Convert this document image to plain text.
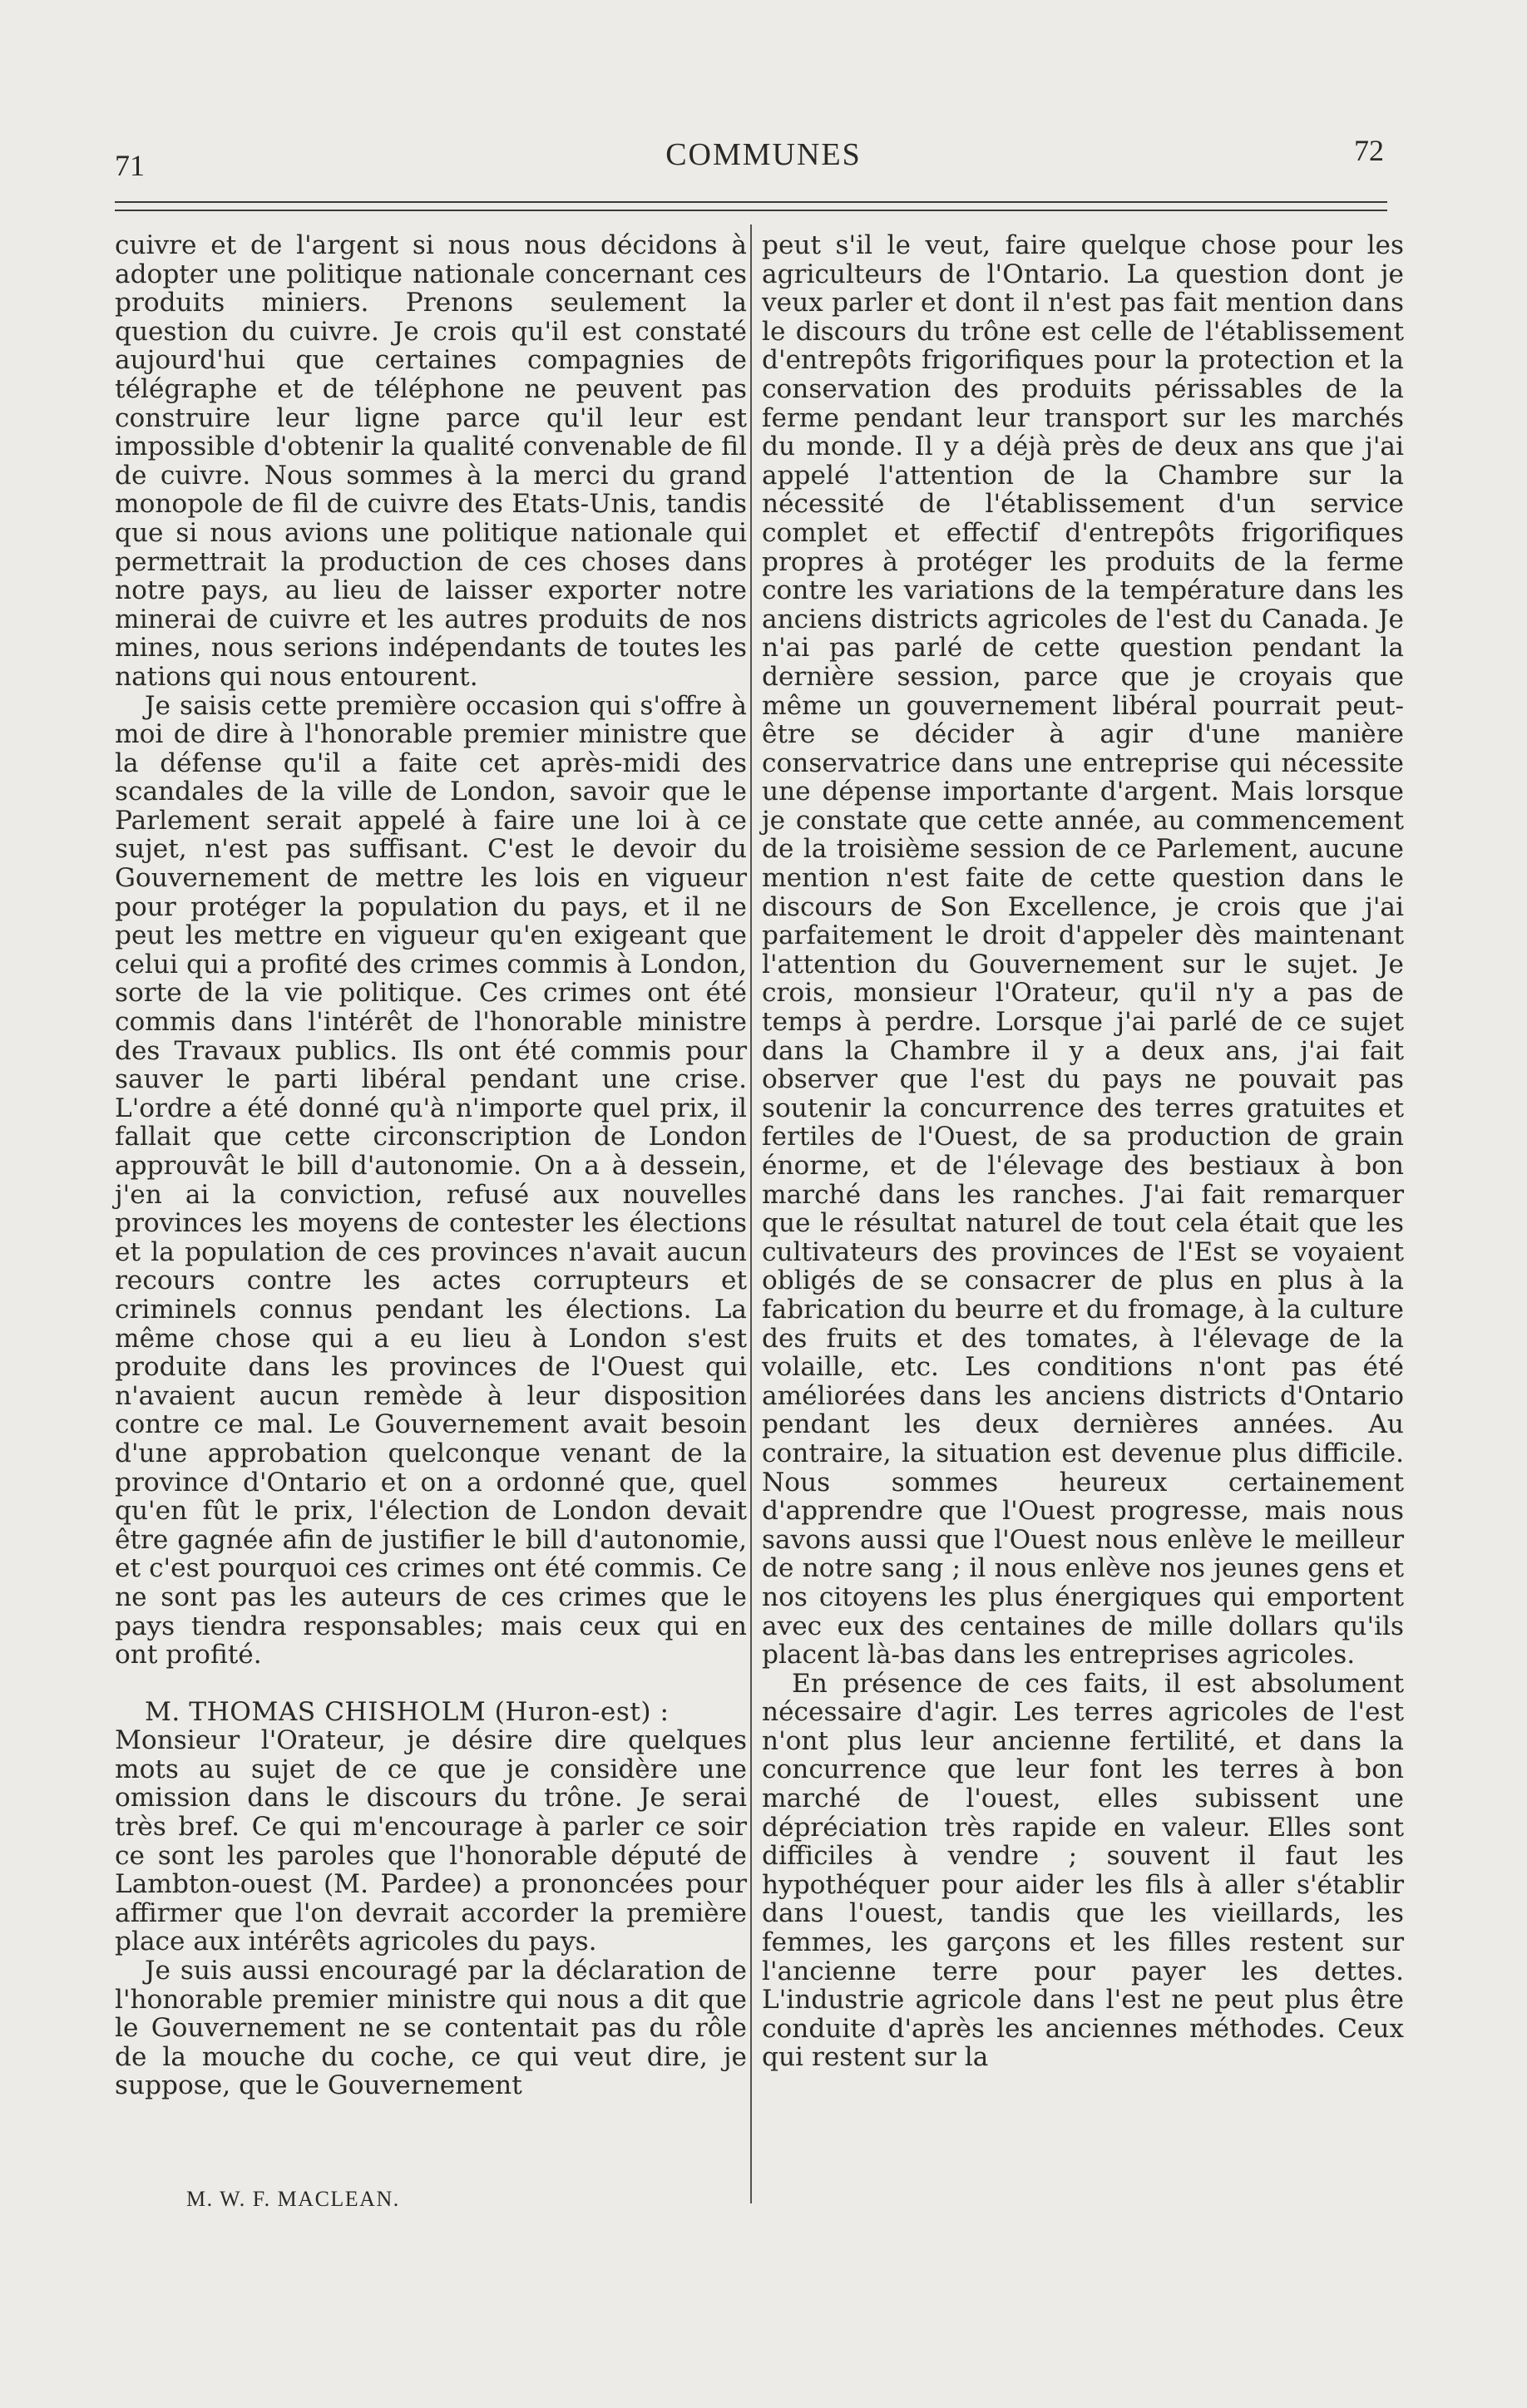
71	COMMUNES	72

cuivre et de l'argent si nous nous décidons à adopter une politique nationale concernant ces produits miniers. Prenons seulement la question du cuivre. Je crois qu'il est constaté aujourd'hui que certaines compagnies de télégraphe et de téléphone ne peuvent pas construire leur ligne parce qu'il leur est impossible d'obtenir la qualité convenable de fil de cuivre. Nous sommes à la merci du grand monopole de fil de cuivre des Etats-Unis, tandis que si nous avions une politique nationale qui permettrait la production de ces choses dans notre pays, au lieu de laisser exporter notre minerai de cuivre et les autres produits de nos mines, nous serions indépendants de toutes les nations qui nous entourent.

Je saisis cette première occasion qui s'offre à moi de dire à l'honorable premier ministre que la défense qu'il a faite cet après-midi des scandales de la ville de London, savoir que le Parlement serait appelé à faire une loi à ce sujet, n'est pas suffisant. C'est le devoir du Gouvernement de mettre les lois en vigueur pour protéger la population du pays, et il ne peut les mettre en vigueur qu'en exigeant que celui qui a profité des crimes commis à London, sorte de la vie politique. Ces crimes ont été commis dans l'intérêt de l'honorable ministre des Travaux publics. Ils ont été commis pour sauver le parti libéral pendant une crise. L'ordre a été donné qu'à n'importe quel prix, il fallait que cette circonscription de London approuvât le bill d'autonomie. On a à dessein, j'en ai la conviction, refusé aux nouvelles provinces les moyens de contester les élections et la population de ces provinces n'avait aucun recours contre les actes corrupteurs et criminels connus pendant les élections. La même chose qui a eu lieu à London s'est produite dans les provinces de l'Ouest qui n'avaient aucun remède à leur disposition contre ce mal. Le Gouvernement avait besoin d'une approbation quelconque venant de la province d'Ontario et on a ordonné que, quel qu'en fût le prix, l'élection de London devait être gagnée afin de justifier le bill d'autonomie, et c'est pourquoi ces crimes ont été commis. Ce ne sont pas les auteurs de ces crimes que le pays tiendra responsables; mais ceux qui en ont profité.

M. THOMAS CHISHOLM (Huron-est) :

Monsieur l'Orateur, je désire dire quelques mots au sujet de ce que je considère une omission dans le discours du trône. Je serai très bref. Ce qui m'encourage à parler ce soir ce sont les paroles que l'honorable député de Lambton-ouest (M. Pardee) a prononcées pour affirmer que l'on devrait accorder la première place aux intérêts agricoles du pays.

Je suis aussi encouragé par la déclaration de l'honorable premier ministre qui nous a dit que le Gouvernement ne se contentait pas du rôle de la mouche du coche, ce qui veut dire, je suppose, que le Gouvernement

peut s'il le veut, faire quelque chose pour les agriculteurs de l'Ontario. La question dont je veux parler et dont il n'est pas fait mention dans le discours du trône est celle de l'établissement d'entrepôts frigorifiques pour la protection et la conservation des produits périssables de la ferme pendant leur transport sur les marchés du monde. Il y a déjà près de deux ans que j'ai appelé l'attention de la Chambre sur la nécessité de l'établissement d'un service complet et effectif d'entrepôts frigorifiques propres à protéger les produits de la ferme contre les variations de la température dans les anciens districts agricoles de l'est du Canada. Je n'ai pas parlé de cette question pendant la dernière session, parce que je croyais que même un gouvernement libéral pourrait peut-être se décider à agir d'une manière conservatrice dans une entreprise qui nécessite une dépense importante d'argent. Mais lorsque je constate que cette année, au commencement de la troisième session de ce Parlement, aucune mention n'est faite de cette question dans le discours de Son Excellence, je crois que j'ai parfaitement le droit d'appeler dès maintenant l'attention du Gouvernement sur le sujet. Je crois, monsieur l'Orateur, qu'il n'y a pas de temps à perdre. Lorsque j'ai parlé de ce sujet dans la Chambre il y a deux ans, j'ai fait observer que l'est du pays ne pouvait pas soutenir la concurrence des terres gratuites et fertiles de l'Ouest, de sa production de grain énorme, et de l'élevage des bestiaux à bon marché dans les ranches. J'ai fait remarquer que le résultat naturel de tout cela était que les cultivateurs des provinces de l'Est se voyaient obligés de se consacrer de plus en plus à la fabrication du beurre et du fromage, à la culture des fruits et des tomates, à l'élevage de la volaille, etc. Les conditions n'ont pas été améliorées dans les anciens districts d'Ontario pendant les deux dernières années. Au contraire, la situation est devenue plus difficile. Nous sommes heureux certainement d'apprendre que l'Ouest progresse, mais nous savons aussi que l'Ouest nous enlève le meilleur de notre sang ; il nous enlève nos jeunes gens et nos citoyens les plus énergiques qui emportent avec eux des centaines de mille dollars qu'ils placent là-bas dans les entreprises agricoles.

En présence de ces faits, il est absolument nécessaire d'agir. Les terres agricoles de l'est n'ont plus leur ancienne fertilité, et dans la concurrence que leur font les terres à bon marché de l'ouest, elles subissent une dépréciation très rapide en valeur. Elles sont difficiles à vendre ; souvent il faut les hypothéquer pour aider les fils à aller s'établir dans l'ouest, tandis que les vieillards, les femmes, les garçons et les filles restent sur l'ancienne terre pour payer les dettes. L'industrie agricole dans l'est ne peut plus être conduite d'après les anciennes méthodes. Ceux qui restent sur la

M. W. F. MACLEAN.
